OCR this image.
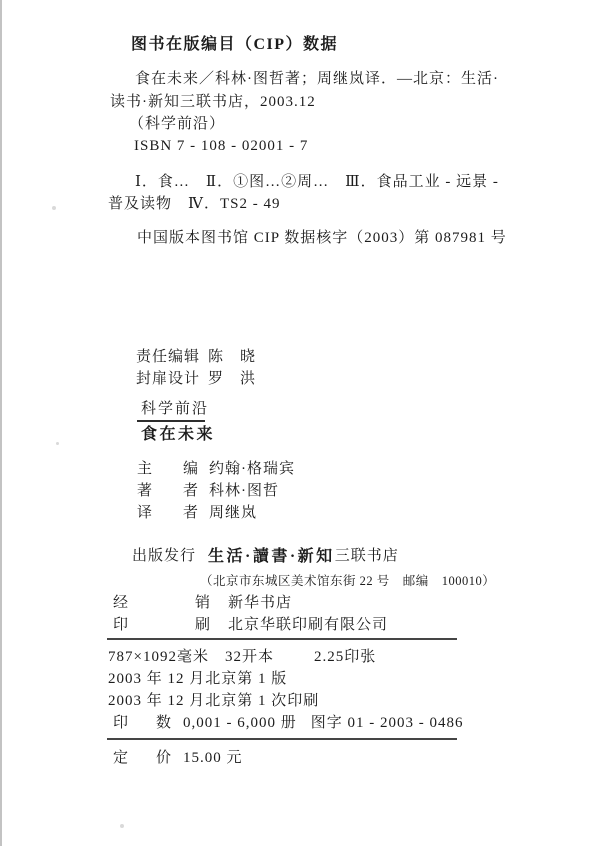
图书在版编目（CIP）数据
食在未来／科林·图哲著；周继岚译．—北京：生活·
读书·新知三联书店，2003.12
（科学前沿）
ISBN 7 - 108 - 02001 - 7
Ⅰ．食…　Ⅱ．①图…②周…　Ⅲ．食品工业 - 远景 -
普及读物　Ⅳ．TS2 - 49
中国版本图书馆 CIP 数据核字（2003）第 087981 号
责任编辑 陈　晓
封扉设计 罗　洪
科学前沿
食在未来
主编 约翰·格瑞宾
著者 科林·图哲
译者 周继岚
出版发行 生活·讀書·新知三联书店
（北京市东城区美术馆东街 22 号　邮编　100010）
经销 新华书店
印刷 北京华联印刷有限公司
787×1092毫米　32开本	2.25印张
2003 年 12 月北京第 1 版
2003 年 12 月北京第 1 次印刷
印数 0,001 - 6,000 册 图字 01 - 2003 - 0486
定价 15.00 元
